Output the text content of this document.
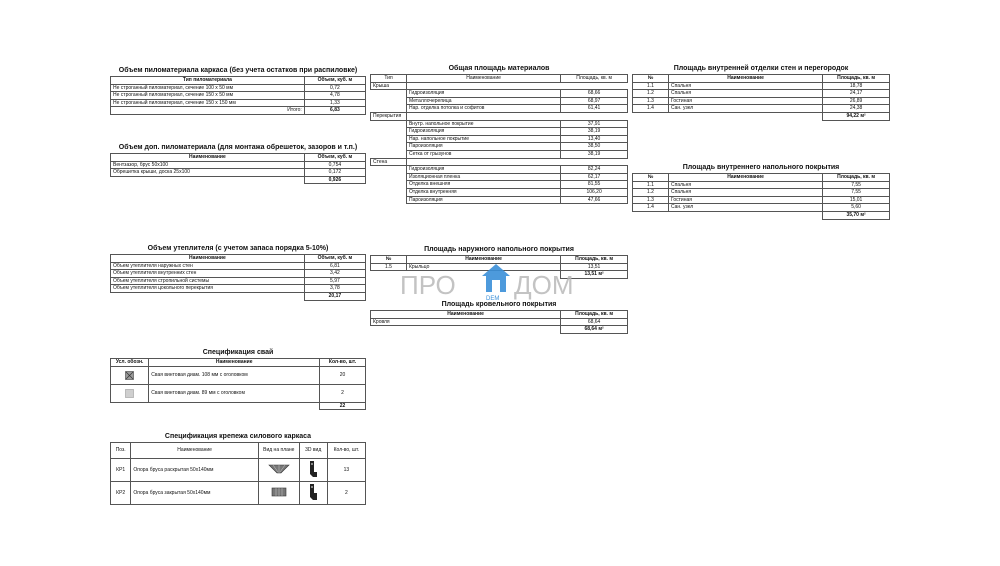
Объем пиломатериала каркаса (без учета остатков при распиловке)
Тип пиломатериала	Объем, куб. м
Не строганный пиломатериал, сечение 100 х 50 мм	0,72
Не строганный пиломатериал, сечение 150 х 50 мм	4,78
Не строганный пиломатериал, сечение 150 х 150 мм	1,33
Итого:	6,83
Объем доп. пиломатериала (для монтажа обрешеток, зазоров и т.п.)
Наименование	Объем, куб. м
Вентзазор, брус 50х100	0,754
Обрешетка крыши, доска 25х100	0,172
	0,926
Объем утеплителя (с учетом запаса порядка 5-10%)
Наименование	Объем, куб. м
Объем утеплителя наружных стен	6,81
Объем утеплителя внутренних стен	3,42
Объем утеплителя стропильной системы	5,97
Объем утеплителя цокольного перекрытия	3,78
	20,17
Спецификация свай
Усл. обозн.	Наименование	Кол-во, шт.
	Свая винтовая диам. 108 мм с оголовком	20
	Свая винтовая диам. 89 мм с оголовком	2
		22
Спецификация крепежа силового каркаса
Поз.	Наименование	Вид на плане	3D вид	Кол-во, шт.
КР1	Опора бруса раскрытая 50х140мм			13
КР2	Опора бруса закрытая 50х140мм			2
Общая площадь материалов
Тип	Наименование	Площадь, кв. м
Крыша		
	Гидроизоляция	68,66
	Металлочерепица	68,97
	Нар. отделка потолка и софитов	61,41
Перекрытия		
	Внутр. напольное покрытие	37,91
	Гидроизоляция	38,19
	Нар. напольное покрытие	13,40
	Пароизоляция	38,50
	Сетка от грызунов	38,19
Стена		
	Гидроизоляция	82,24
	Изоляционная пленка	62,17
	Отделка внешняя	81,55
	Отделка внутренняя	106,20
	Пароизоляция	47,66
Площадь наружного напольного покрытия
№	Наименование	Площадь, кв. м
1.5	Крыльцо	13,51
		13,51 м²
Площадь кровельного покрытия
Наименование	Площадь, кв. м
Кровля	68,64
	68,64 м²
Площадь внутренней отделки стен и перегородок
№	Наименование	Площадь, кв. м
1.1	Спальня	18,78
1.2	Спальня	24,17
1.3	Гостиная	26,89
1.4	Сан. узел	24,38
		94,22 м²
Площадь внутреннего напольного покрытия
№	Наименование	Площадь, кв. м
1.1	Спальня	7,55
1.2	Спальня	7,55
1.3	Гостиная	15,01
1.4	Сан. узел	5,60
		35,70 м²
ПРО	DEM ДОМ
